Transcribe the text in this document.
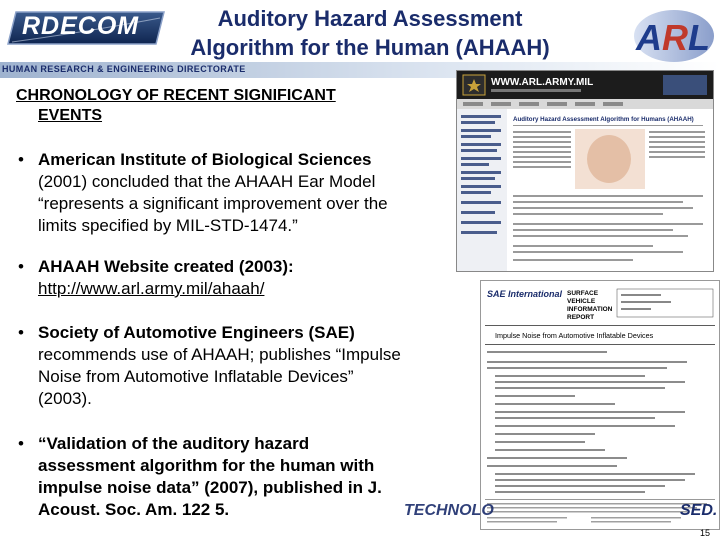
RDECOM	Auditory Hazard Assessment
Algorithm for the Human (AHAAH)	A R L
HUMAN RESEARCH & ENGINEERING DIRECTORATE
CHRONOLOGY OF RECENT SIGNIFICANT
EVENTS
• American Institute of Biological Sciences
(2001) concluded that the AHAAH Ear Model
“represents a significant improvement over the
limits specified by MIL-STD-1474.”
• AHAAH Website created (2003):
http://www.arl.army.mil/ahaah/
• Society of Automotive Engineers (SAE)
recommends use of AHAAH; publishes “Impulse
Noise from Automotive Inflatable Devices”
(2003).
• “Validation of the auditory hazard
assessment algorithm for the human with
impulse noise data” (2007), published in J.
Acoust. Soc. Am. 122 5.
WWW.ARL.ARMY.MIL
Auditory Hazard Assessment Algorithm for Humans (AHAAH)
SAE International SURFACE
VEHICLE
INFORMATION
REPORT
Impulse Noise from Automotive Inflatable Devices
TECHNOLO	SED.
15
